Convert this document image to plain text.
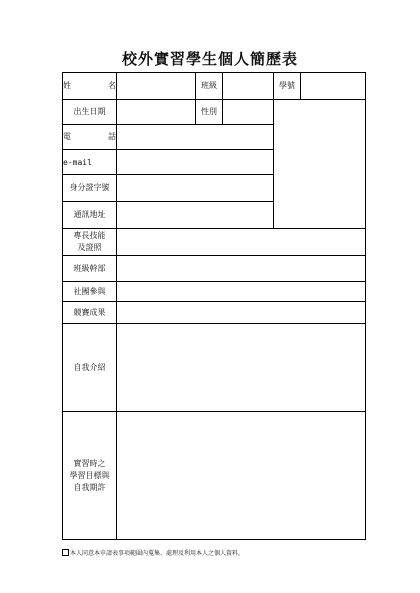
校外實習學生個人簡歷表
姓　名		班級		學號	
出生日期		性別			
電　話					
e-mail					
身分證字號					
通訊地址					

專長技能
及證照					

班級幹部					
社團參與					
競賽成果					
自我介紹					

實習時之
學習目標與
自我期許					

本人同意本申請表事項範圍內蒐集、處理及利用本人之個人資料。
